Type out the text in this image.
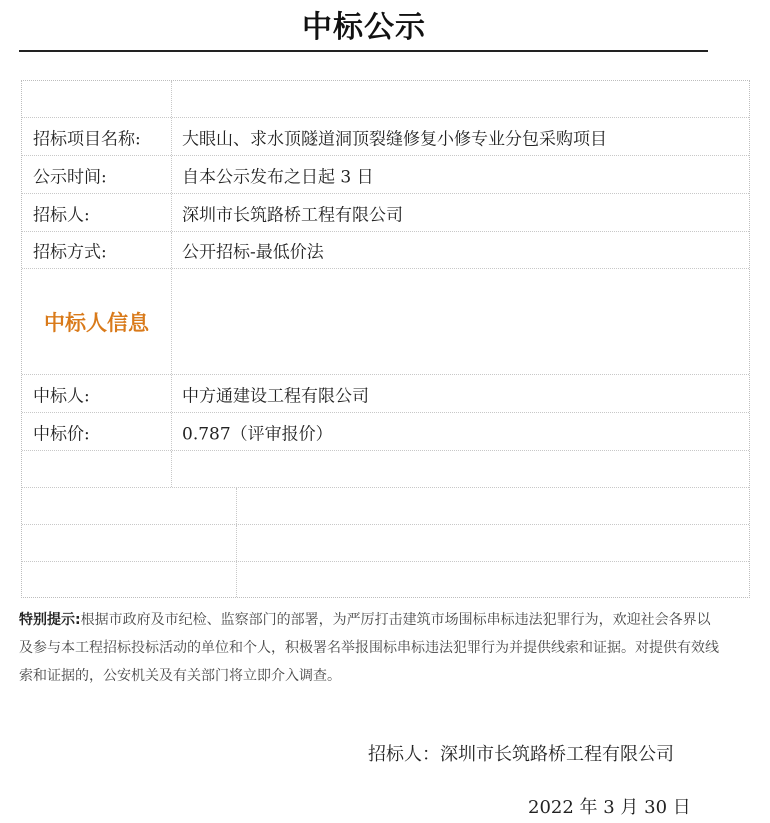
中标公示
招标项目名称: 大眼山、求水顶隧道洞顶裂缝修复小修专业分包采购项目
公示时间:	自本公示发布之日起 3 日
招标人:	深圳市长筑路桥工程有限公司
招标方式:	公开招标-最低价法
中标人信息
中标人:	中方通建设工程有限公司
中标价:	0.787（评审报价）
特别提示:根据市政府及市纪检、监察部门的部署，为严厉打击建筑市场围标串标违法犯罪行为，欢迎社会各界以及参与本工程招标投标活动的单位和个人，积极署名举报围标串标违法犯罪行为并提供线索和证据。对提供有效线索和证据的，公安机关及有关部门将立即介入调查。
招标人：深圳市长筑路桥工程有限公司
2022 年 3 月 30 日
